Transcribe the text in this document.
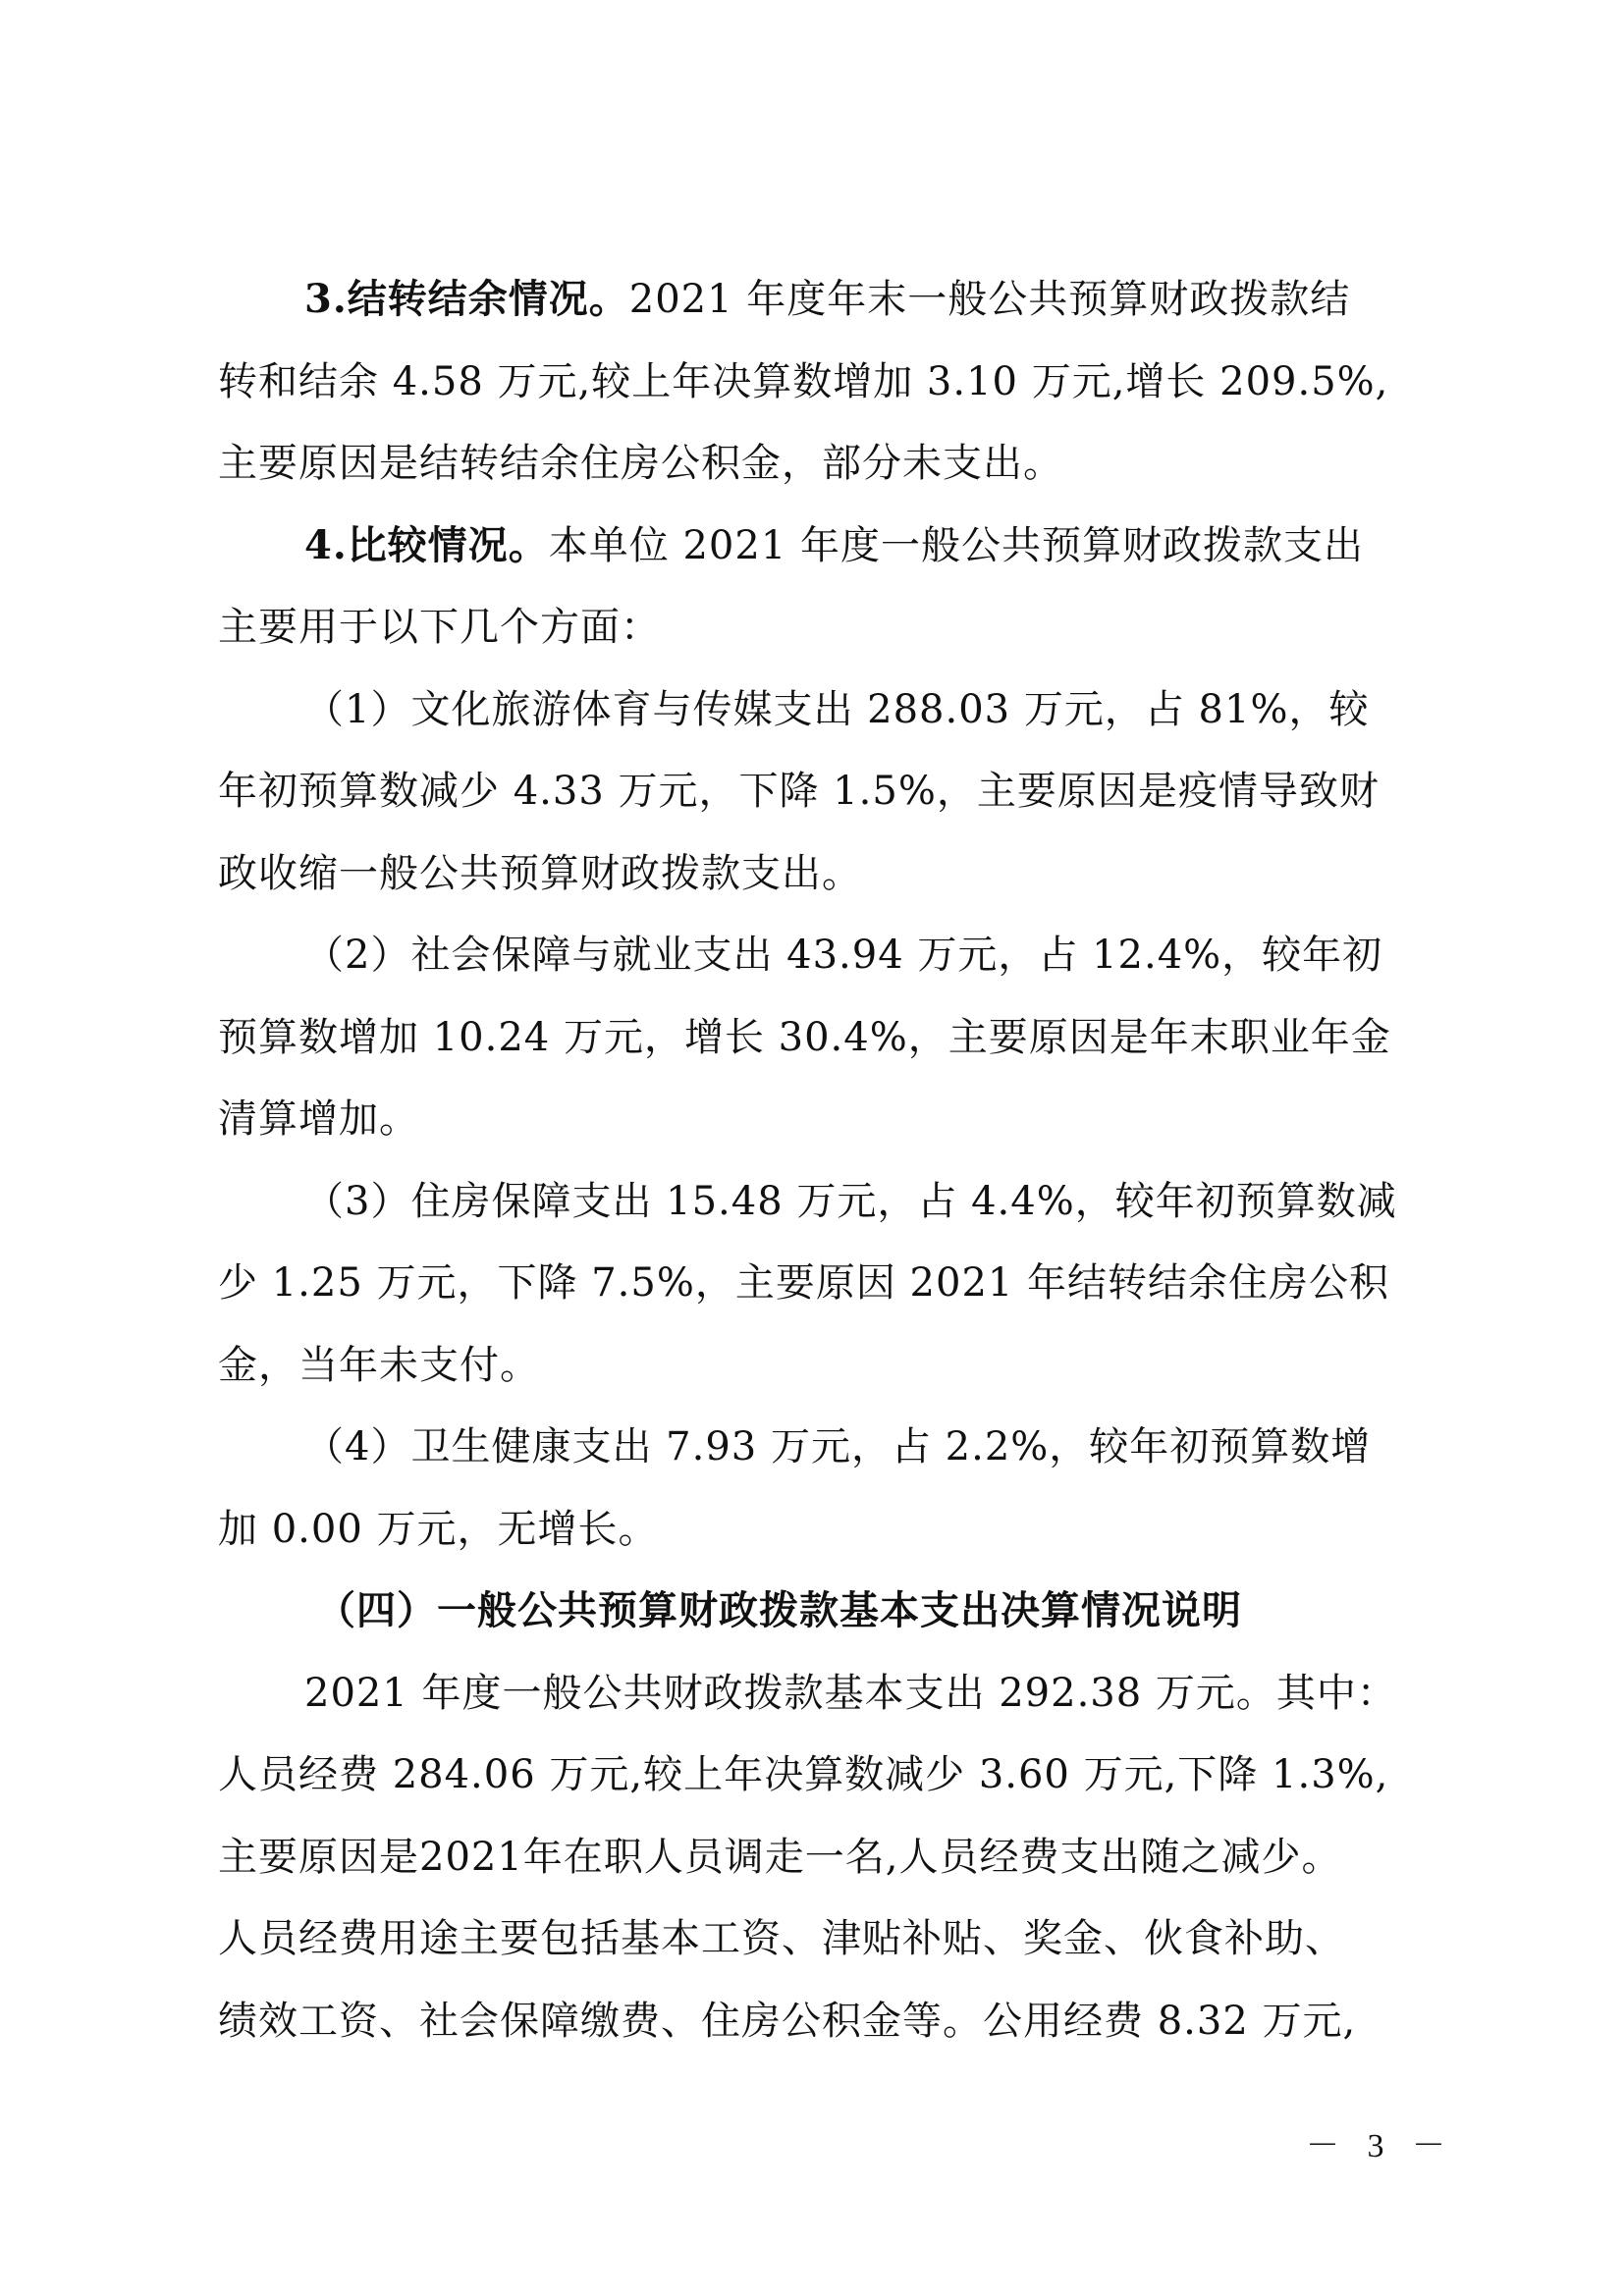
3.结转结余情况。2021 年度年末一般公共预算财政拨款结
转和结余 4.58 万元,较上年决算数增加 3.10 万元,增长 209.5%,
主要原因是结转结余住房公积金，部分未支出。
4.比较情况。本单位 2021 年度一般公共预算财政拨款支出
主要用于以下几个方面：
（1）文化旅游体育与传媒支出 288.03 万元，占 81%，较
年初预算数减少 4.33 万元，下降 1.5%，主要原因是疫情导致财
政收缩一般公共预算财政拨款支出。
（2）社会保障与就业支出 43.94 万元，占 12.4%，较年初
预算数增加 10.24 万元，增长 30.4%，主要原因是年末职业年金
清算增加。
（3）住房保障支出 15.48 万元，占 4.4%，较年初预算数减
少 1.25 万元，下降 7.5%，主要原因 2021 年结转结余住房公积
金，当年未支付。
（4）卫生健康支出 7.93 万元，占 2.2%，较年初预算数增
加 0.00 万元，无增长。
（四）一般公共预算财政拨款基本支出决算情况说明
2021 年度一般公共财政拨款基本支出 292.38 万元。其中：
人员经费 284.06 万元,较上年决算数减少 3.60 万元,下降 1.3%,
主要原因是2021年在职人员调走一名,人员经费支出随之减少。
人员经费用途主要包括基本工资、津贴补贴、奖金、伙食补助、
绩效工资、社会保障缴费、住房公积金等。公用经费 8.32 万元,
－ 3 －
